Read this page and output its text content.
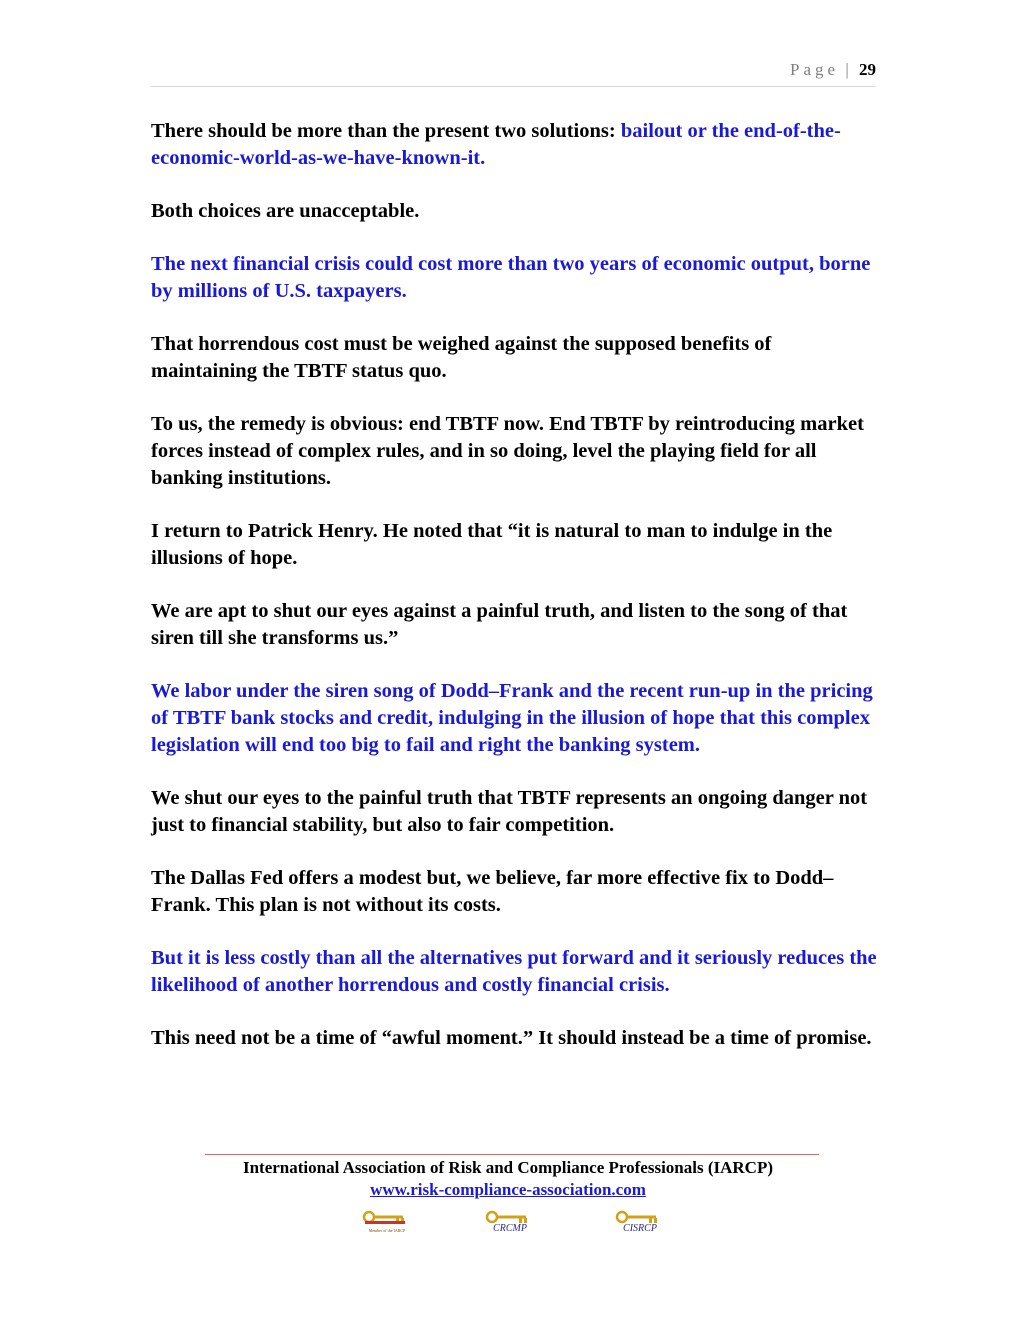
Page | 29

There should be more than the present two solutions: bailout or the end-of-the-economic-world-as-we-have-known-it.

Both choices are unacceptable.

The next financial crisis could cost more than two years of economic output, borne by millions of U.S. taxpayers.

That horrendous cost must be weighed against the supposed benefits of maintaining the TBTF status quo.

To us, the remedy is obvious: end TBTF now. End TBTF by reintroducing market forces instead of complex rules, and in so doing, level the playing field for all banking institutions.

I return to Patrick Henry. He noted that “it is natural to man to indulge in the illusions of hope.

We are apt to shut our eyes against a painful truth, and listen to the song of that siren till she transforms us.”

We labor under the siren song of Dodd–Frank and the recent run-up in the pricing of TBTF bank stocks and credit, indulging in the illusion of hope that this complex legislation will end too big to fail and right the banking system.

We shut our eyes to the painful truth that TBTF represents an ongoing danger not just to financial stability, but also to fair competition.

The Dallas Fed offers a modest but, we believe, far more effective fix to Dodd–Frank. This plan is not without its costs.

But it is less costly than all the alternatives put forward and it seriously reduces the likelihood of another horrendous and costly financial crisis.

This need not be a time of “awful moment.” It should instead be a time of promise.

International Association of Risk and Compliance Professionals (IARCP)
www.risk-compliance-association.com
Member of the IARCP	CRCMP	CISRCP
